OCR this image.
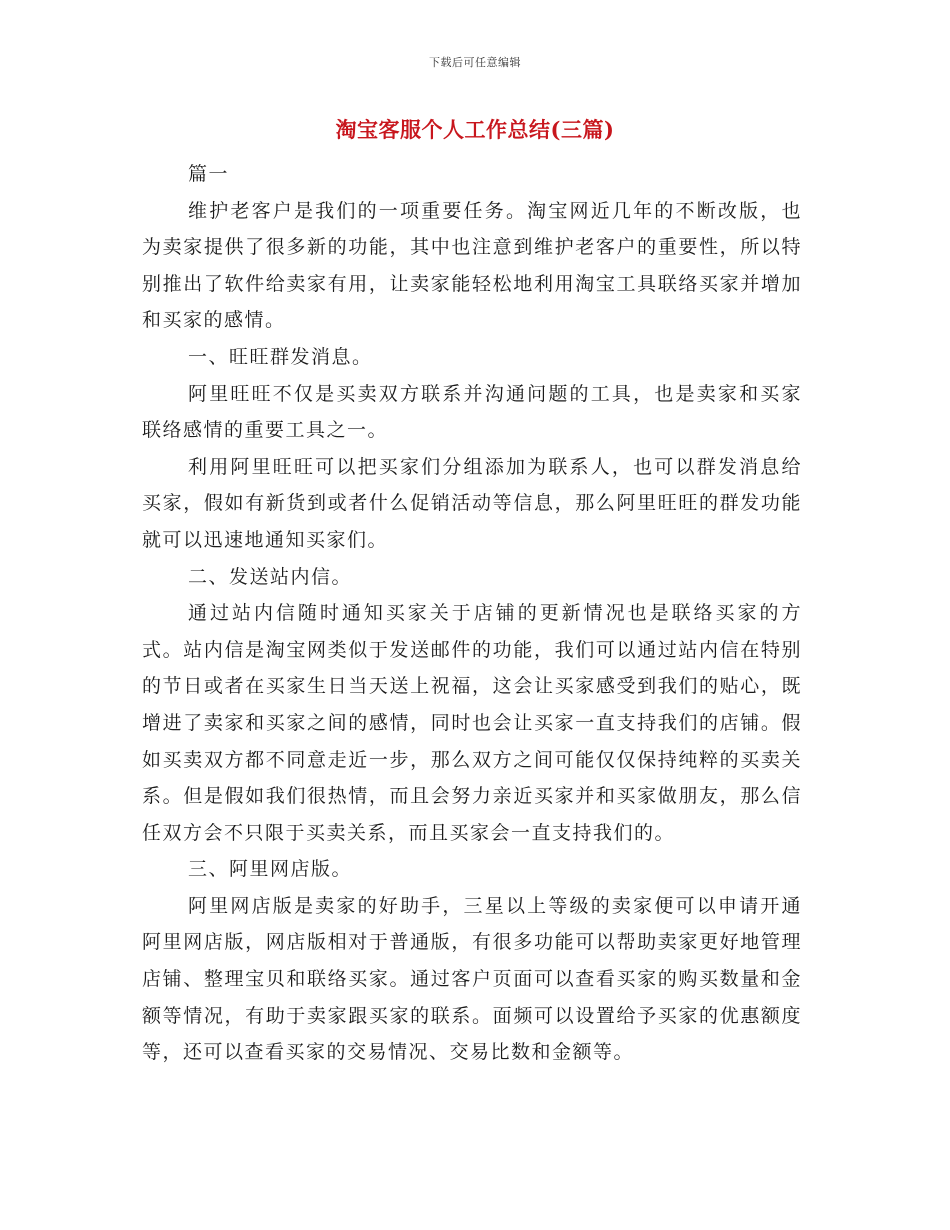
下载后可任意编辑
淘宝客服个人工作总结(三篇)

篇一

维护老客户是我们的一项重要任务。淘宝网近几年的不断改版，也为卖家提供了很多新的功能，其中也注意到维护老客户的重要性，所以特别推出了软件给卖家有用，让卖家能轻松地利用淘宝工具联络买家并增加和买家的感情。

一、旺旺群发消息。

阿里旺旺不仅是买卖双方联系并沟通问题的工具，也是卖家和买家联络感情的重要工具之一。

利用阿里旺旺可以把买家们分组添加为联系人，也可以群发消息给买家，假如有新货到或者什么促销活动等信息，那么阿里旺旺的群发功能就可以迅速地通知买家们。

二、发送站内信。

通过站内信随时通知买家关于店铺的更新情况也是联络买家的方式。站内信是淘宝网类似于发送邮件的功能，我们可以通过站内信在特别的节日或者在买家生日当天送上祝福，这会让买家感受到我们的贴心，既增进了卖家和买家之间的感情，同时也会让买家一直支持我们的店铺。假如买卖双方都不同意走近一步，那么双方之间可能仅仅保持纯粹的买卖关系。但是假如我们很热情，而且会努力亲近买家并和买家做朋友，那么信任双方会不只限于买卖关系，而且买家会一直支持我们的。

三、阿里网店版。

阿里网店版是卖家的好助手，三星以上等级的卖家便可以申请开通阿里网店版，网店版相对于普通版，有很多功能可以帮助卖家更好地管理店铺、整理宝贝和联络买家。通过客户页面可以查看买家的购买数量和金额等情况，有助于卖家跟买家的联系。面频可以设置给予买家的优惠额度等，还可以查看买家的交易情况、交易比数和金额等。
